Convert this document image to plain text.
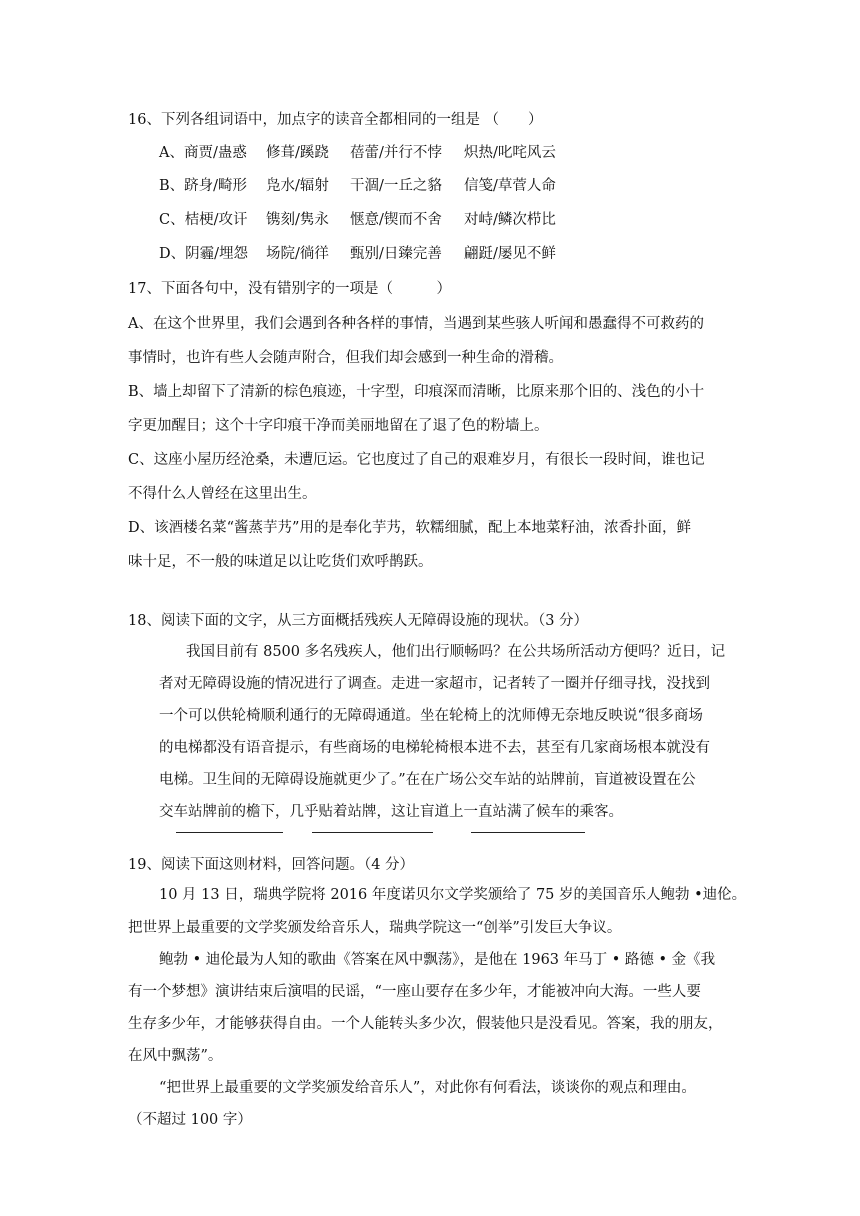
16、下列各组词语中，加点字的读音全都相同的一组是 （　　）
A、商贾/蛊惑 修葺/蹊跷 蓓蕾/并行不悖 炽热/叱咤风云
B、跻身/畸形 凫水/辐射 干涸/一丘之貉 信笺/草菅人命
C、桔梗/攻讦 镌刻/隽永 惬意/锲而不舍 对峙/鳞次栉比
D、阴霾/埋怨 场院/徜徉 甄别/日臻完善 翩跹/屡见不鲜
17、下面各句中，没有错别字的一项是（　　　）
A、在这个世界里，我们会遇到各种各样的事情，当遇到某些骇人听闻和愚蠢得不可救药的
事情时，也许有些人会随声附合，但我们却会感到一种生命的滑稽。
B、墙上却留下了清新的棕色痕迹，十字型，印痕深而清晰，比原来那个旧的、浅色的小十
字更加醒目；这个十字印痕干净而美丽地留在了退了色的粉墙上。
C、这座小屋历经沧桑，未遭厄运。它也度过了自己的艰难岁月，有很长一段时间，谁也记
不得什么人曾经在这里出生。
D、该酒楼名菜“酱蒸芋艿”用的是奉化芋艿，软糯细腻，配上本地菜籽油，浓香扑面，鲜
味十足，不一般的味道足以让吃货们欢呼鹊跃。
18、阅读下面的文字，从三方面概括残疾人无障碍设施的现状。（3 分）
我国目前有 8500 多名残疾人，他们出行顺畅吗？在公共场所活动方便吗？近日，记
者对无障碍设施的情况进行了调查。走进一家超市，记者转了一圈并仔细寻找，没找到
一个可以供轮椅顺利通行的无障碍通道。坐在轮椅上的沈师傅无奈地反映说“很多商场
的电梯都没有语音提示，有些商场的电梯轮椅根本进不去，甚至有几家商场根本就没有
电梯。卫生间的无障碍设施就更少了。”在在广场公交车站的站牌前，盲道被设置在公
交车站牌前的檐下，几乎贴着站牌，这让盲道上一直站满了候车的乘客。
19、阅读下面这则材料，回答问题。（4 分）
10 月 13 日，瑞典学院将 2016 年度诺贝尔文学奖颁给了 75 岁的美国音乐人鲍勃 •迪伦。
把世界上最重要的文学奖颁发给音乐人，瑞典学院这一“创举”引发巨大争议。
鲍勃 • 迪伦最为人知的歌曲《答案在风中飘荡》，是他在 1963 年马丁 • 路德 • 金《我
有一个梦想》演讲结束后演唱的民谣，“一座山要存在多少年，才能被冲向大海。一些人要
生存多少年，才能够获得自由。一个人能转头多少次，假装他只是没看见。答案，我的朋友，
在风中飘荡”。
“把世界上最重要的文学奖颁发给音乐人”，对此你有何看法，谈谈你的观点和理由。
（不超过 100 字）
